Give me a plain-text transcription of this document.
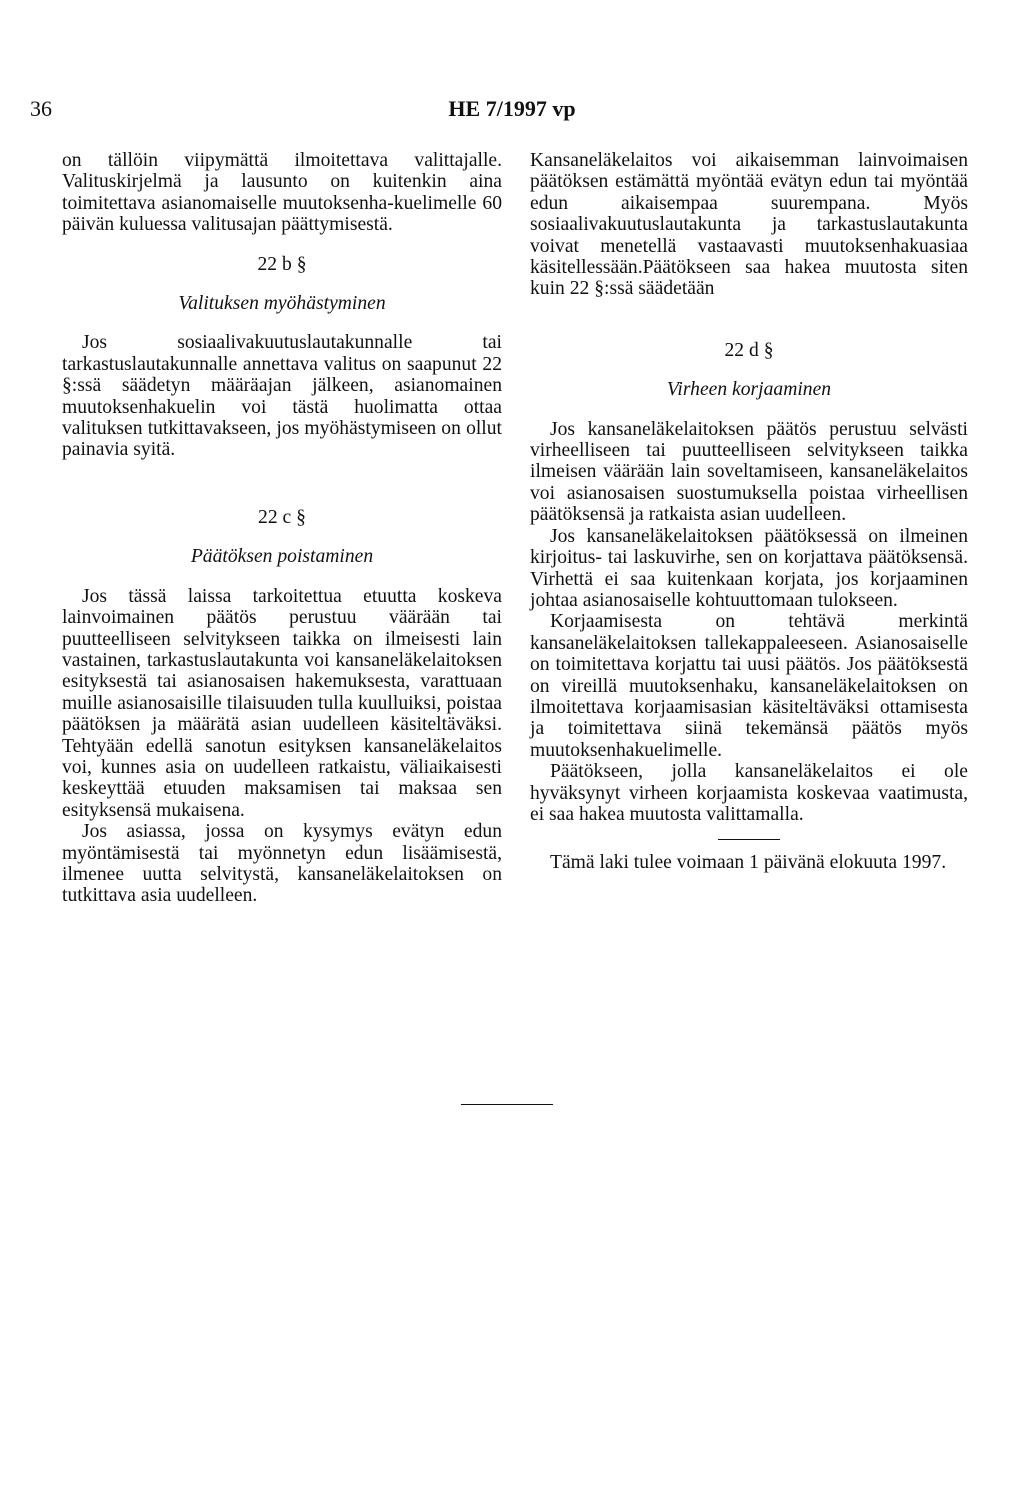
36	HE 7/1997 vp

on tällöin viipymättä ilmoitettava valittajalle. Valituskirjelmä ja lausunto on kuitenkin aina toimitettava asianomaiselle muutoksenha-kuelimelle 60 päivän kuluessa valitusajan päättymisestä.

22 b §

Valituksen myöhästyminen

Jos sosiaalivakuutuslautakunnalle tai tarkastuslautakunnalle annettava valitus on saapunut 22 §:ssä säädetyn määräajan jälkeen, asianomainen muutoksenhakuelin voi tästä huolimatta ottaa valituksen tutkittavakseen, jos myöhästymiseen on ollut painavia syitä.

22 c §

Päätöksen poistaminen

Jos tässä laissa tarkoitettua etuutta koskeva lainvoimainen päätös perustuu väärään tai puutteelliseen selvitykseen taikka on ilmeisesti lain vastainen, tarkastuslautakunta voi kansaneläkelaitoksen esityksestä tai asianosaisen hakemuksesta, varattuaan muille asianosaisille tilaisuuden tulla kuulluiksi, poistaa päätöksen ja määrätä asian uudelleen käsiteltäväksi. Tehtyään edellä sanotun esityksen kansaneläkelaitos voi, kunnes asia on uudelleen ratkaistu, väliaikaisesti keskeyttää etuuden maksamisen tai maksaa sen esityksensä mukaisena.

Jos asiassa, jossa on kysymys evätyn edun myöntämisestä tai myönnetyn edun lisäämisestä, ilmenee uutta selvitystä, kansaneläkelaitoksen on tutkittava asia uudelleen.

Kansaneläkelaitos voi aikaisemman lainvoimaisen päätöksen estämättä myöntää evätyn edun tai myöntää edun aikaisempaa suurempana. Myös sosiaalivakuutuslautakunta ja tarkastuslautakunta voivat menetellä vastaavasti muutoksenhakuasiaa käsitellessään.Päätökseen saa hakea muutosta siten kuin 22 §:ssä säädetään

22 d §

Virheen korjaaminen

Jos kansaneläkelaitoksen päätös perustuu selvästi virheelliseen tai puutteelliseen selvitykseen taikka ilmeisen väärään lain soveltamiseen, kansaneläkelaitos voi asianosaisen suostumuksella poistaa virheellisen päätöksensä ja ratkaista asian uudelleen.

Jos kansaneläkelaitoksen päätöksessä on ilmeinen kirjoitus- tai laskuvirhe, sen on korjattava päätöksensä. Virhettä ei saa kuitenkaan korjata, jos korjaaminen johtaa asianosaiselle kohtuuttomaan tulokseen.

Korjaamisesta on tehtävä merkintä kansaneläkelaitoksen tallekappaleeseen. Asianosaiselle on toimitettava korjattu tai uusi päätös. Jos päätöksestä on vireillä muutoksenhaku, kansaneläkelaitoksen on ilmoitettava korjaamisasian käsiteltäväksi ottamisesta ja toimitettava siinä tekemänsä päätös myös muutoksenhakuelimelle.

Päätökseen, jolla kansaneläkelaitos ei ole hyväksynyt virheen korjaamista koskevaa vaatimusta, ei saa hakea muutosta valittamalla.

Tämä laki tulee voimaan 1 päivänä elokuuta 1997.
